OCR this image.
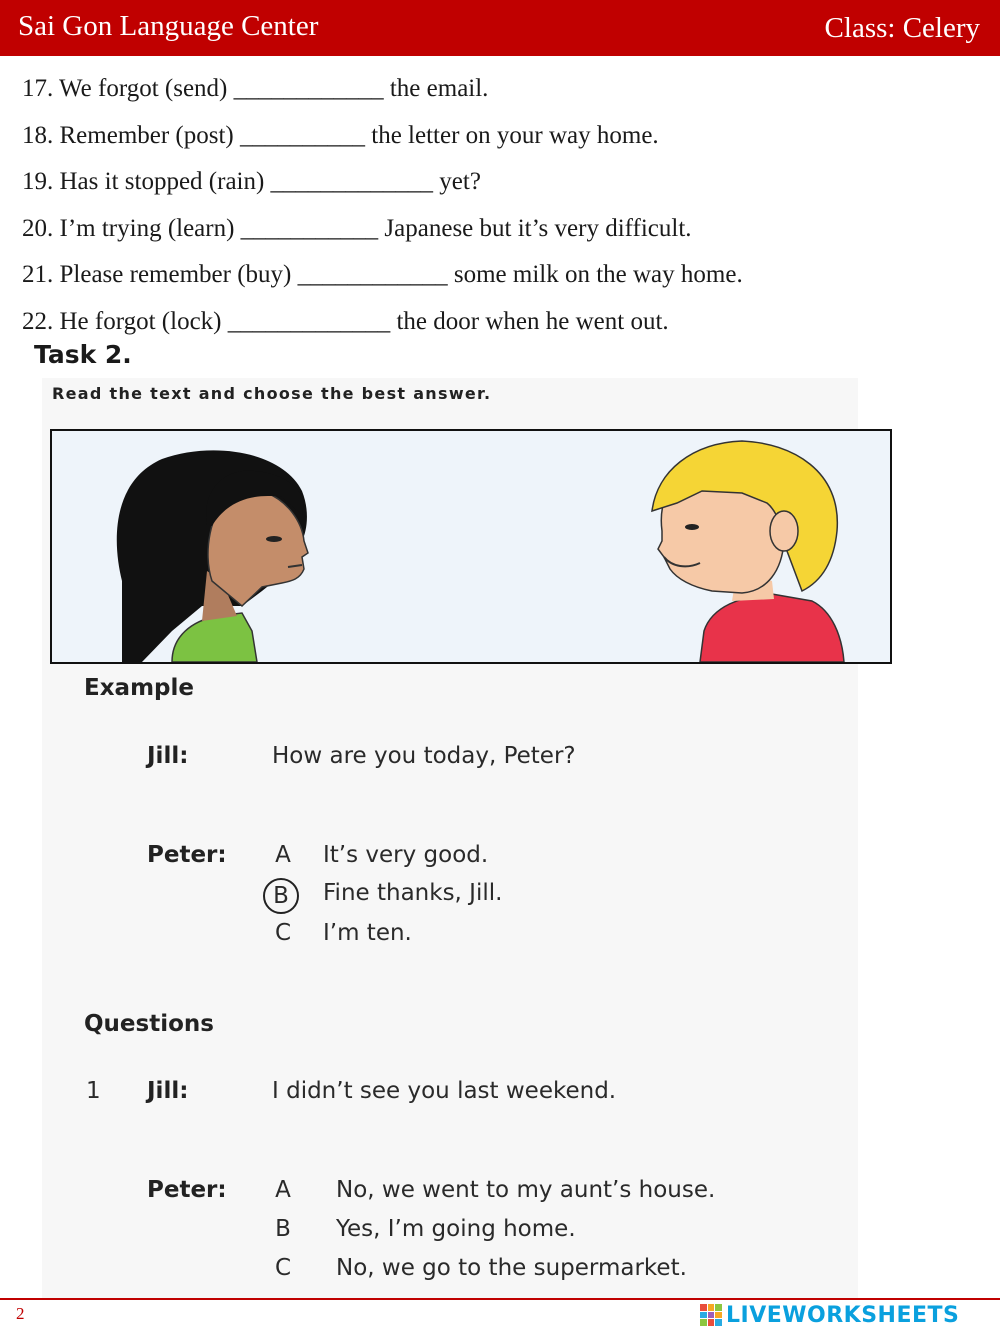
Sai Gon Language Center	Class: Celery
17. We forgot (send) ____________ the email.
18. Remember (post) __________ the letter on your way home.
19. Has it stopped (rain) _____________ yet?
20. I’m trying (learn) ___________ Japanese but it’s very difficult.
21. Please remember (buy) ____________ some milk on the way home.
22. He forgot (lock) _____________ the door when he went out.
Task 2.
Read the text and choose the best answer.
Example
Jill:	How are you today, Peter?
Peter:	A	It’s very good.
B	Fine thanks, Jill.
C	I’m ten.
Questions
1 Jill:	I didn’t see you last weekend.
Peter:	A	No, we went to my aunt’s house.
B	Yes, I’m going home.
C	No, we go to the supermarket.
2	LIVEWORKSHEETS
